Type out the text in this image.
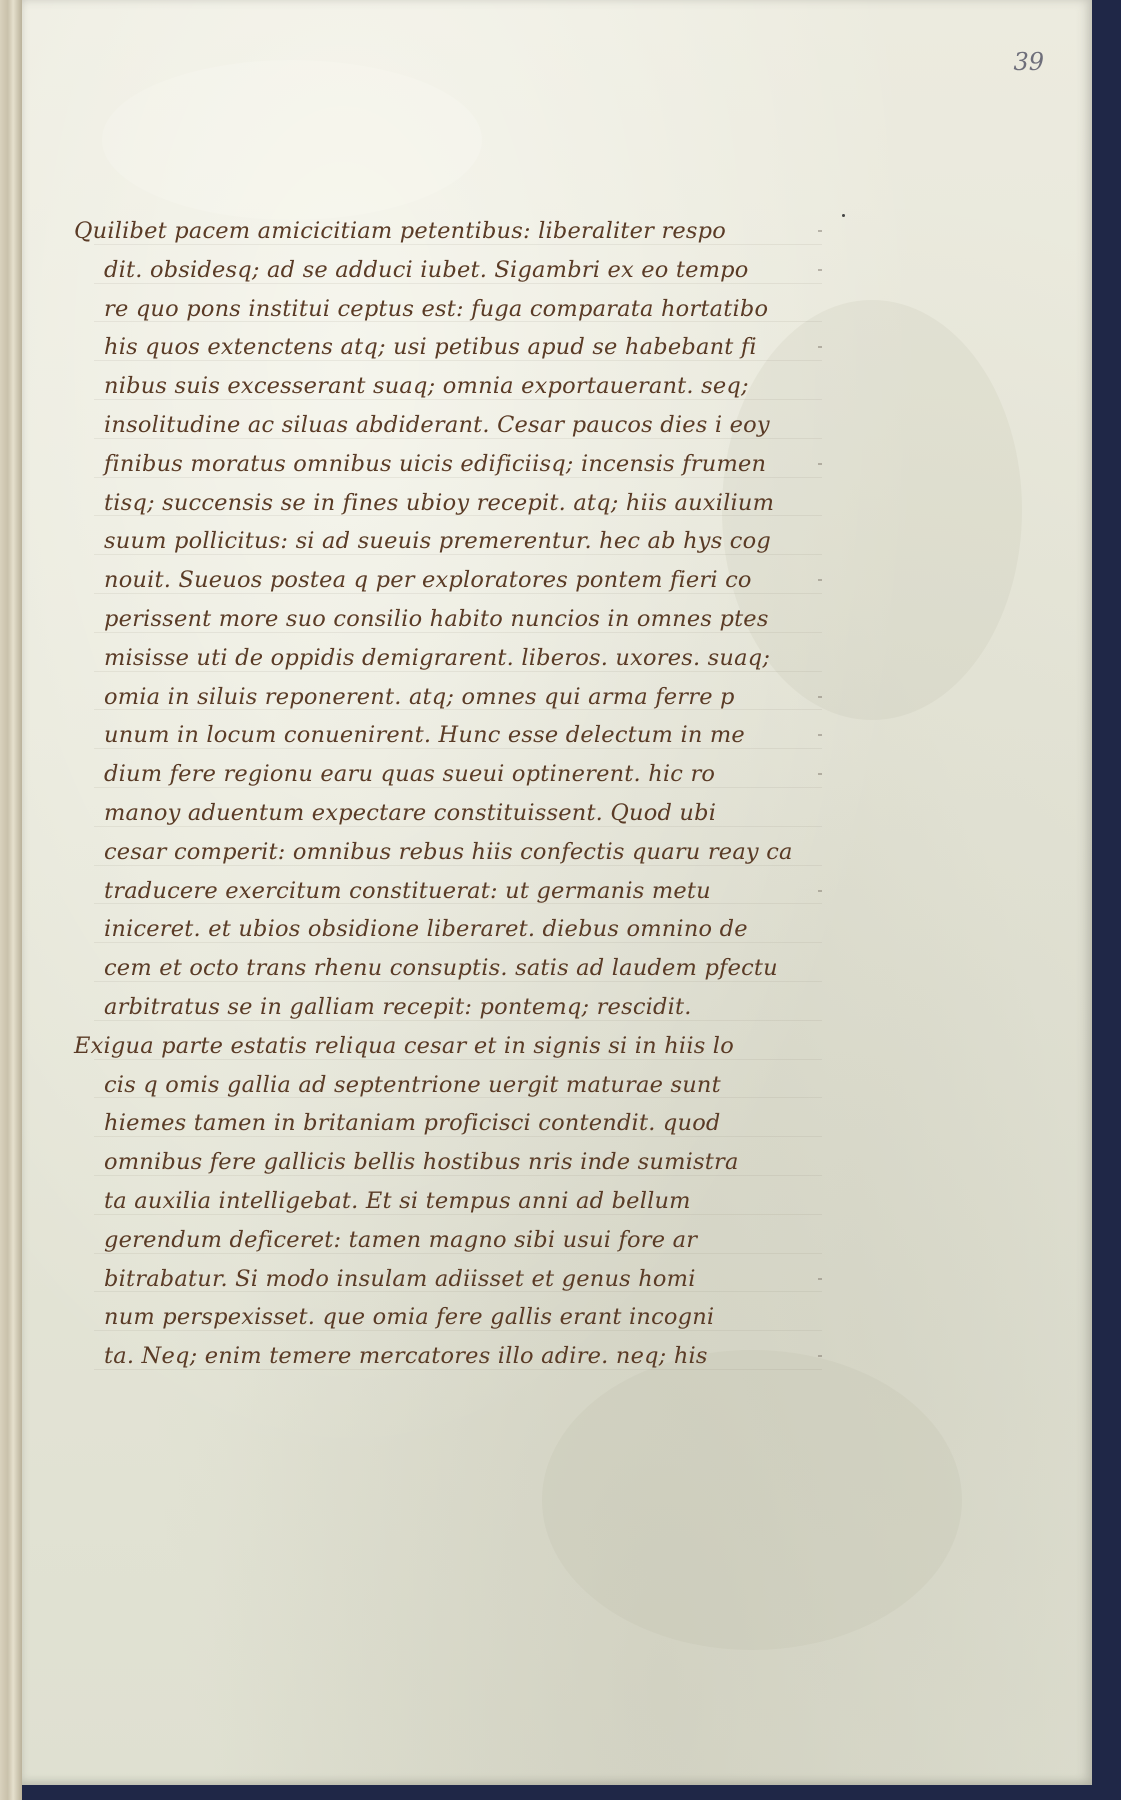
39
Quilibet pacem amicicitiam petentibus: liberaliter respo
dit. obsidesq; ad se adduci iubet. Sigambri ex eo tempo
re quo pons institui ceptus est: fuga comparata hortatibo
his quos extenctens atq; usi petibus apud se habebant fi
nibus suis excesserant suaq; omnia exportauerant. seq;
insolitudine ac siluas abdiderant. Cesar paucos dies i eoy
finibus moratus omnibus uicis edificiisq; incensis frumen
tisq; succensis se in fines ubioy recepit. atq; hiis auxilium
suum pollicitus: si ad sueuis premerentur. hec ab hys cog
nouit. Sueuos postea q per exploratores pontem fieri co
perissent more suo consilio habito nuncios in omnes ptes
misisse uti de oppidis demigrarent. liberos. uxores. suaq;
omia in siluis reponerent. atq; omnes qui arma ferre p
unum in locum conuenirent. Hunc esse delectum in me
dium fere regionu earu quas sueui optinerent. hic ro
manoy aduentum expectare constituissent. Quod ubi
cesar comperit: omnibus rebus hiis confectis quaru reay ca
traducere exercitum constituerat: ut germanis metu
iniceret. et ubios obsidione liberaret. diebus omnino de
cem et octo trans rhenu consuptis. satis ad laudem pfectu
arbitratus se in galliam recepit: pontemq; rescidit.
Exigua parte estatis reliqua cesar et in signis si in hiis lo
cis q omis gallia ad septentrione uergit maturae sunt
hiemes tamen in britaniam proficisci contendit. quod
omnibus fere gallicis bellis hostibus nris inde sumistra
ta auxilia intelligebat. Et si tempus anni ad bellum
gerendum deficeret: tamen magno sibi usui fore ar
bitrabatur. Si modo insulam adiisset et genus homi
num perspexisset. que omia fere gallis erant incogni
ta. Neq; enim temere mercatores illo adire. neq; his
